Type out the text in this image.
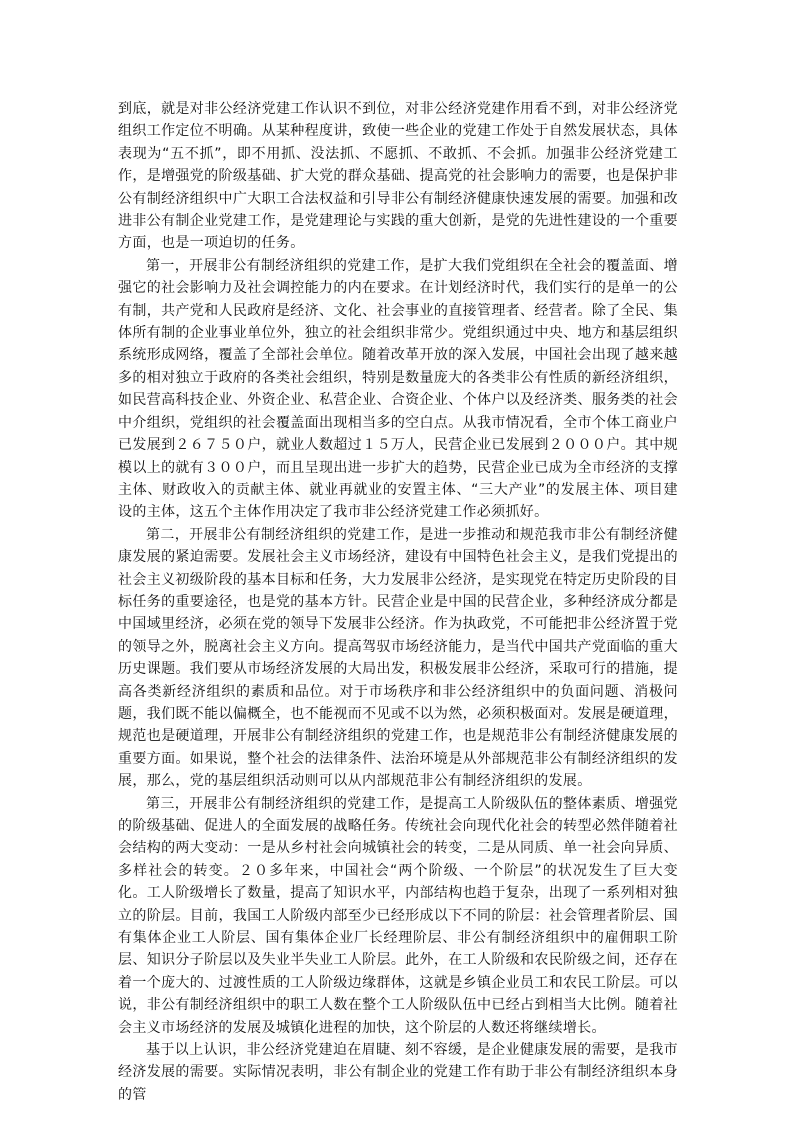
到底，就是对非公经济党建工作认识不到位，对非公经济党建作用看不到，对非公经济党组织工作定位不明确。从某种程度讲，致使一些企业的党建工作处于自然发展状态，具体表现为“五不抓”，即不用抓、没法抓、不愿抓、不敢抓、不会抓。加强非公经济党建工作，是增强党的阶级基础、扩大党的群众基础、提高党的社会影响力的需要，也是保护非公有制经济组织中广大职工合法权益和引导非公有制经济健康快速发展的需要。加强和改进非公有制企业党建工作，是党建理论与实践的重大创新，是党的先进性建设的一个重要方面，也是一项迫切的任务。

第一，开展非公有制经济组织的党建工作，是扩大我们党组织在全社会的覆盖面、增强它的社会影响力及社会调控能力的内在要求。在计划经济时代，我们实行的是单一的公有制，共产党和人民政府是经济、文化、社会事业的直接管理者、经营者。除了全民、集体所有制的企业事业单位外，独立的社会组织非常少。党组织通过中央、地方和基层组织系统形成网络，覆盖了全部社会单位。随着改革开放的深入发展，中国社会出现了越来越多的相对独立于政府的各类社会组织，特别是数量庞大的各类非公有性质的新经济组织，如民营高科技企业、外资企业、私营企业、合资企业、个体户以及经济类、服务类的社会中介组织，党组织的社会覆盖面出现相当多的空白点。从我市情况看，全市个体工商业户已发展到２６７５０户，就业人数超过１５万人，民营企业已发展到２０００户。其中规模以上的就有３００户，而且呈现出进一步扩大的趋势，民营企业已成为全市经济的支撑主体、财政收入的贡献主体、就业再就业的安置主体、“三大产业”的发展主体、项目建设的主体，这五个主体作用决定了我市非公经济党建工作必须抓好。

第二，开展非公有制经济组织的党建工作，是进一步推动和规范我市非公有制经济健康发展的紧迫需要。发展社会主义市场经济，建设有中国特色社会主义，是我们党提出的社会主义初级阶段的基本目标和任务，大力发展非公经济，是实现党在特定历史阶段的目标任务的重要途径，也是党的基本方针。民营企业是中国的民营企业，多种经济成分都是中国域里经济，必须在党的领导下发展非公经济。作为执政党，不可能把非公经济置于党的领导之外，脱离社会主义方向。提高驾驭市场经济能力，是当代中国共产党面临的重大历史课题。我们要从市场经济发展的大局出发，积极发展非公经济，采取可行的措施，提高各类新经济组织的素质和品位。对于市场秩序和非公经济组织中的负面问题、消极问题，我们既不能以偏概全，也不能视而不见或不以为然，必须积极面对。发展是硬道理，规范也是硬道理，开展非公有制经济组织的党建工作，也是规范非公有制经济健康发展的重要方面。如果说，整个社会的法律条件、法治环境是从外部规范非公有制经济组织的发展，那么，党的基层组织活动则可以从内部规范非公有制经济组织的发展。

第三，开展非公有制经济组织的党建工作，是提高工人阶级队伍的整体素质、增强党的阶级基础、促进人的全面发展的战略任务。传统社会向现代化社会的转型必然伴随着社会结构的两大变动：一是从乡村社会向城镇社会的转变，二是从同质、单一社会向异质、多样社会的转变。２０多年来，中国社会“两个阶级、一个阶层”的状况发生了巨大变化。工人阶级增长了数量，提高了知识水平，内部结构也趋于复杂，出现了一系列相对独立的阶层。目前，我国工人阶级内部至少已经形成以下不同的阶层：社会管理者阶层、国有集体企业工人阶层、国有集体企业厂长经理阶层、非公有制经济组织中的雇佣职工阶层、知识分子阶层以及失业半失业工人阶层。此外，在工人阶级和农民阶级之间，还存在着一个庞大的、过渡性质的工人阶级边缘群体，这就是乡镇企业员工和农民工阶层。可以说，非公有制经济组织中的职工人数在整个工人阶级队伍中已经占到相当大比例。随着社会主义市场经济的发展及城镇化进程的加快，这个阶层的人数还将继续增长。

基于以上认识，非公经济党建迫在眉睫、刻不容缓，是企业健康发展的需要，是我市经济发展的需要。实际情况表明，非公有制企业的党建工作有助于非公有制经济组织本身的管
